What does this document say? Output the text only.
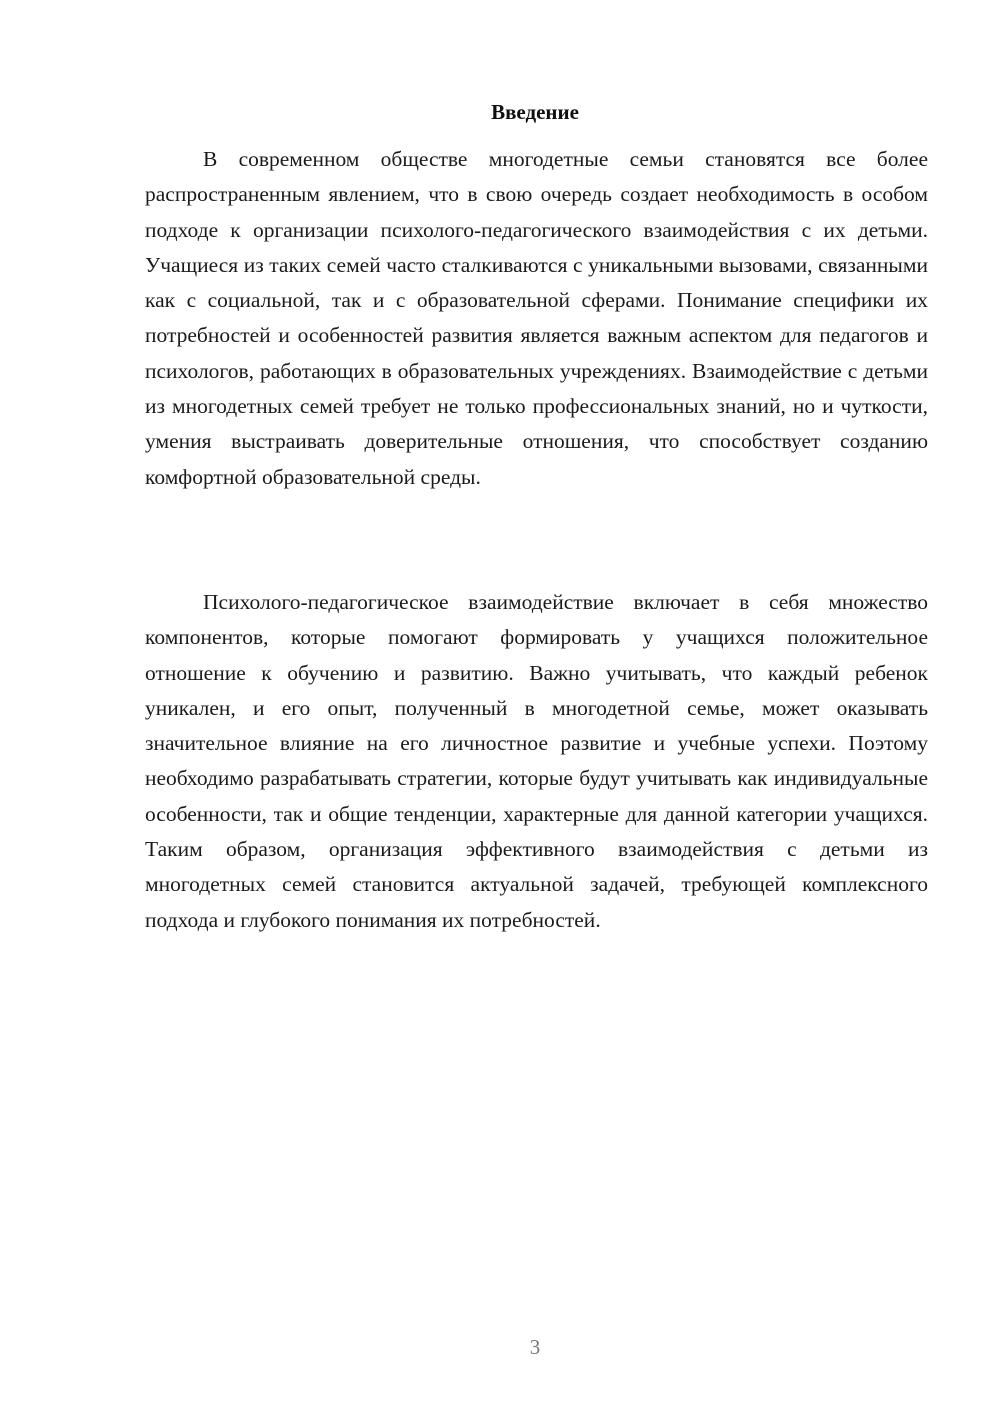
Введение

В современном обществе многодетные семьи становятся все более распространенным явлением, что в свою очередь создает необходимость в особом подходе к организации психолого-педагогического взаимодействия с их детьми. Учащиеся из таких семей часто сталкиваются с уникальными вызовами, связанными как с социальной, так и с образовательной сферами. Понимание специфики их потребностей и особенностей развития является важным аспектом для педагогов и психологов, работающих в образовательных учреждениях. Взаимодействие с детьми из многодетных семей требует не только профессиональных знаний, но и чуткости, умения выстраивать доверительные отношения, что способствует созданию комфортной образовательной среды.

Психолого-педагогическое взаимодействие включает в себя множество компонентов, которые помогают формировать у учащихся положительное отношение к обучению и развитию. Важно учитывать, что каждый ребенок уникален, и его опыт, полученный в многодетной семье, может оказывать значительное влияние на его личностное развитие и учебные успехи. Поэтому необходимо разрабатывать стратегии, которые будут учитывать как индивидуальные особенности, так и общие тенденции, характерные для данной категории учащихся. Таким образом, организация эффективного взаимодействия с детьми из многодетных семей становится актуальной задачей, требующей комплексного подхода и глубокого понимания их потребностей.

3
